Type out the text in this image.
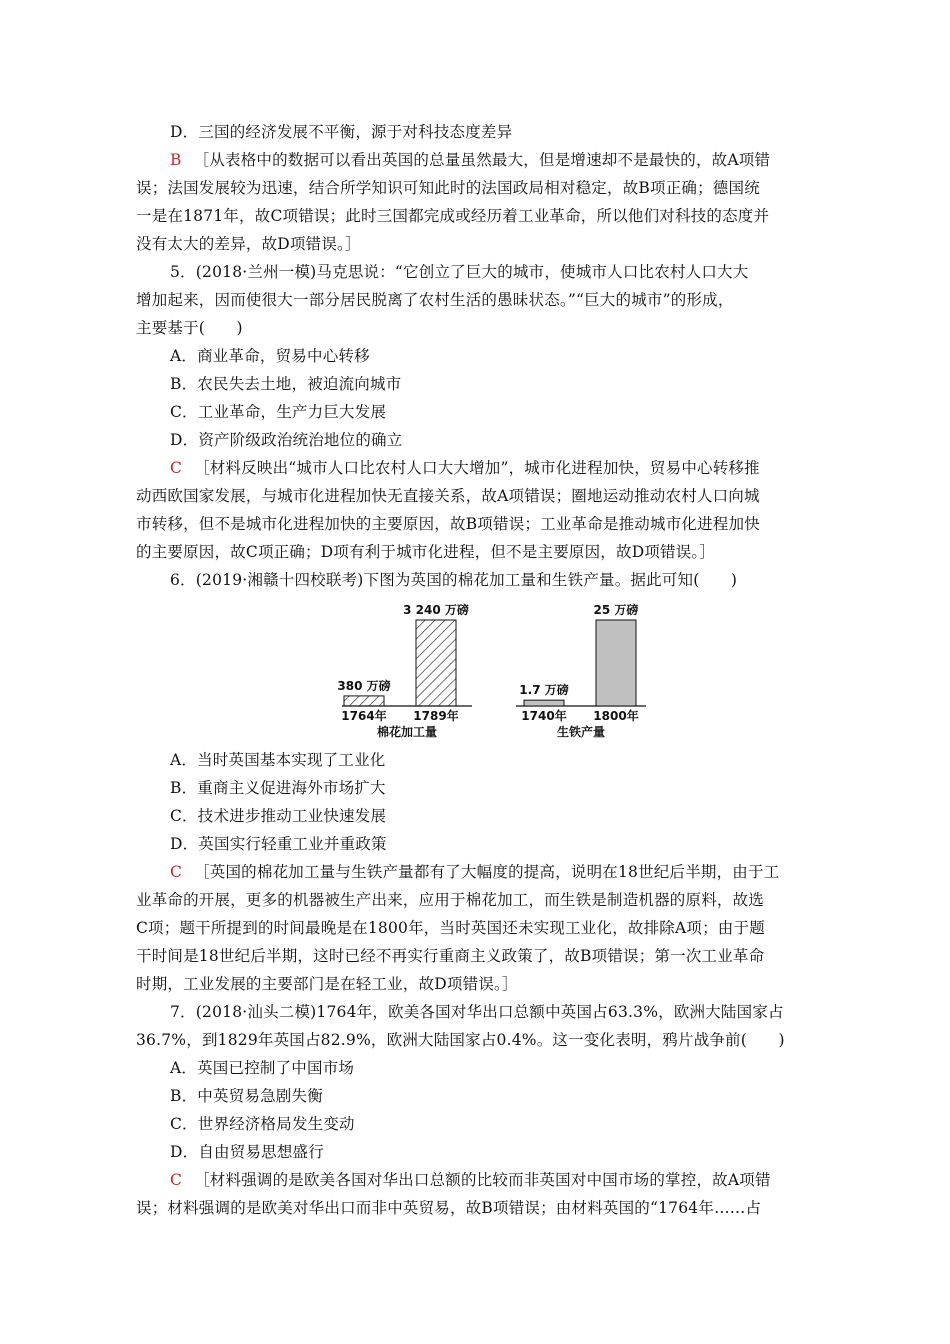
D．三国的经济发展不平衡，源于对科技态度差异
B ［从表格中的数据可以看出英国的总量虽然最大，但是增速却不是最快的，故A项错
误；法国发展较为迅速，结合所学知识可知此时的法国政局相对稳定，故B项正确；德国统
一是在1871年，故C项错误；此时三国都完成或经历着工业革命，所以他们对科技的态度并
没有太大的差异，故D项错误。］
5．(2018·兰州一模)马克思说：“它创立了巨大的城市，使城市人口比农村人口大大
增加起来，因而使很大一部分居民脱离了农村生活的愚昧状态。”“巨大的城市”的形成，
主要基于(　　)
A．商业革命，贸易中心转移
B．农民失去土地，被迫流向城市
C．工业革命，生产力巨大发展
D．资产阶级政治统治地位的确立
C ［材料反映出“城市人口比农村人口大大增加”，城市化进程加快，贸易中心转移推
动西欧国家发展，与城市化进程加快无直接关系，故A项错误；圈地运动推动农村人口向城
市转移，但不是城市化进程加快的主要原因，故B项错误；工业革命是推动城市化进程加快
的主要原因，故C项正确；D项有利于城市化进程，但不是主要原因，故D项错误。］
6．(2019·湘赣十四校联考)下图为英国的棉花加工量和生铁产量。据此可知(　　)
380 万磅
3 240 万磅
1764年 1789年
棉花加工量
1.7 万磅
25 万磅
1740年 1800年
生铁产量
A．当时英国基本实现了工业化
B．重商主义促进海外市场扩大
C．技术进步推动工业快速发展
D．英国实行轻重工业并重政策
C ［英国的棉花加工量与生铁产量都有了大幅度的提高，说明在18世纪后半期，由于工
业革命的开展，更多的机器被生产出来，应用于棉花加工，而生铁是制造机器的原料，故选
C项；题干所提到的时间最晚是在1800年，当时英国还未实现工业化，故排除A项；由于题
干时间是18世纪后半期，这时已经不再实行重商主义政策了，故B项错误；第一次工业革命
时期，工业发展的主要部门是在轻工业，故D项错误。］
7．(2018·汕头二模)1764年，欧美各国对华出口总额中英国占63.3%，欧洲大陆国家占
36.7%，到1829年英国占82.9%，欧洲大陆国家占0.4%。这一变化表明，鸦片战争前(　　)
A．英国已控制了中国市场
B．中英贸易急剧失衡
C．世界经济格局发生变动
D．自由贸易思想盛行
C ［材料强调的是欧美各国对华出口总额的比较而非英国对中国市场的掌控，故A项错
误；材料强调的是欧美对华出口而非中英贸易，故B项错误；由材料英国的“1764年……占
